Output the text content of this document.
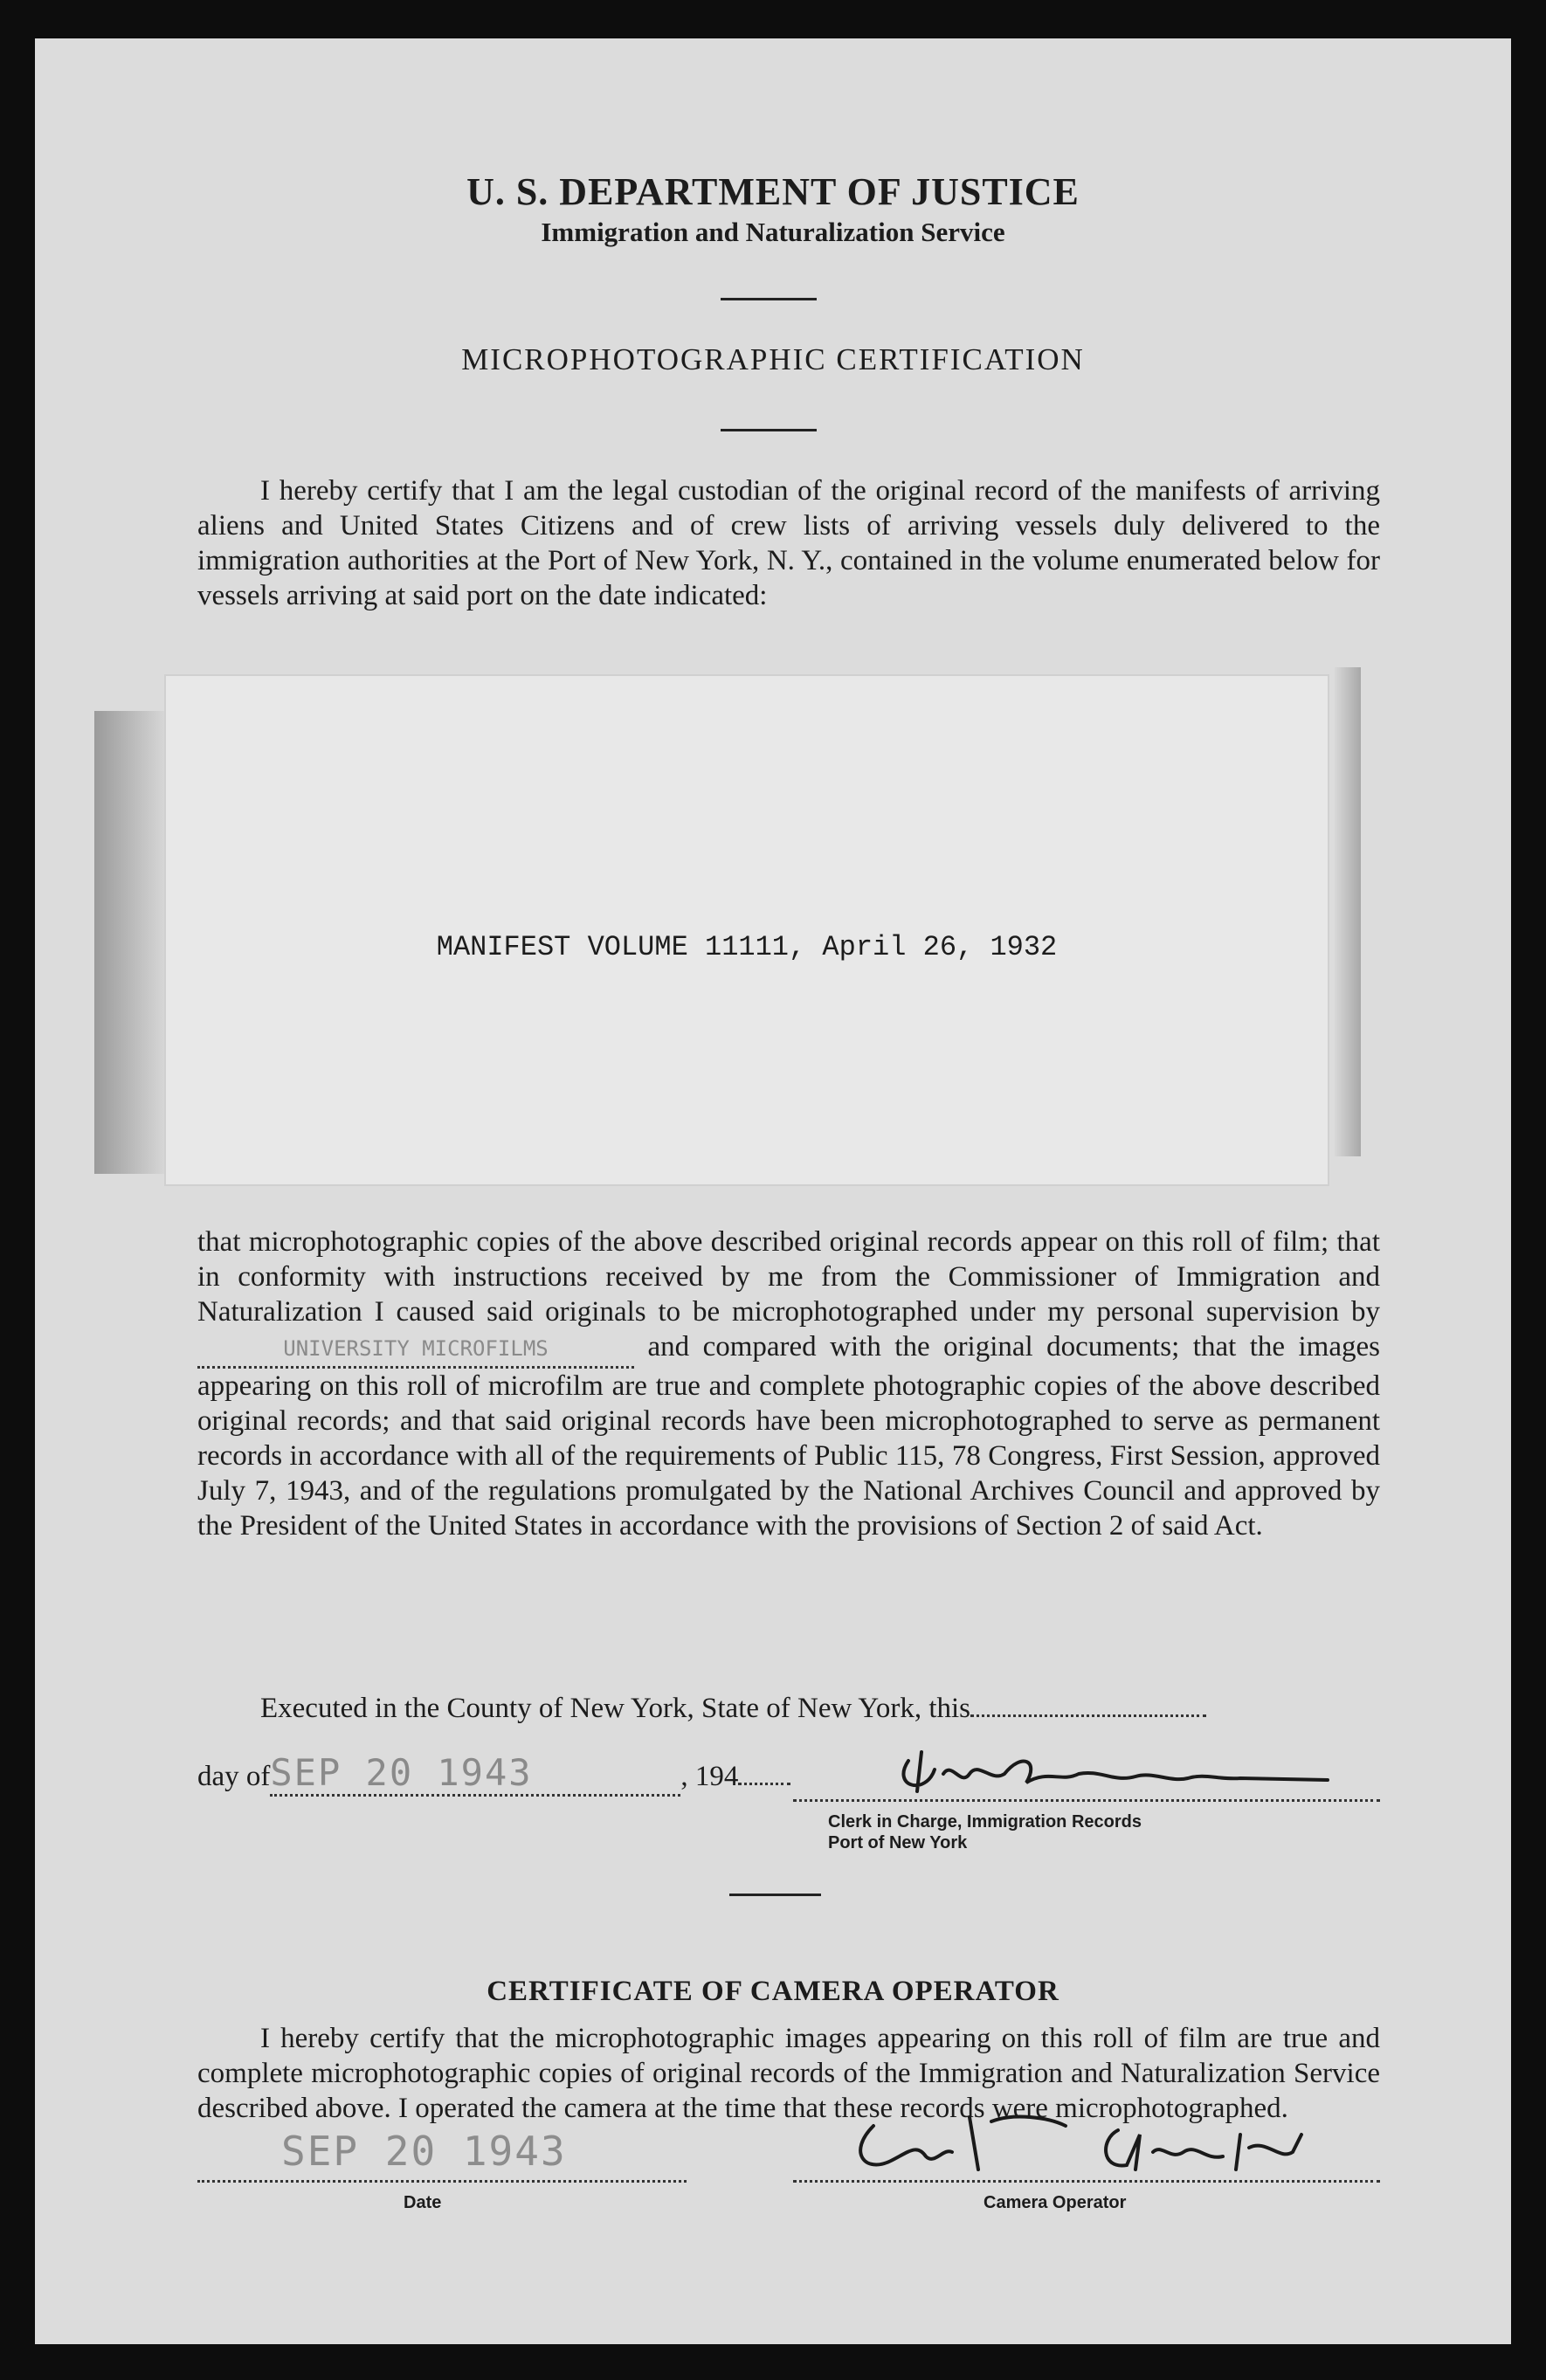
U. S. DEPARTMENT OF JUSTICE
Immigration and Naturalization Service
MICROPHOTOGRAPHIC CERTIFICATION

I hereby certify that I am the legal custodian of the original record of the manifests of arriving aliens and United States Citizens and of crew lists of arriving vessels duly delivered to the immigration authorities at the Port of New York, N. Y., contained in the volume enumerated below for vessels arriving at said port on the date indicated:

MANIFEST VOLUME 11111, April 26, 1932

that microphotographic copies of the above described original records appear on this roll of film; that in conformity with instructions received by me from the Commissioner of Immigration and Naturalization I caused said originals to be microphotographed under my personal supervision by UNIVERSITY MICROFILMS	and compared with the original documents; that the images appearing on this roll of microfilm are true and complete photographic copies of the above described original records; and that said original records have been microphotographed to serve as permanent records in accordance with all of the requirements of Public 115, 78 Congress, First Session, approved July 7, 1943, and of the regulations promulgated by the National Archives Council and approved by the President of the United States in accordance with the provisions of Section 2 of said Act.

Executed in the County of New York, State of New York, this

day ofSEP 20 1943	, 194
Clerk in Charge, Immigration Records
Port of New York
CERTIFICATE OF CAMERA OPERATOR

I hereby certify that the microphotographic images appearing on this roll of film are true and complete microphotographic copies of original records of the Immigration and Naturalization Service described above. I operated the camera at the time that these records were microphotographed.

SEP 20 1943
Date	Camera Operator
